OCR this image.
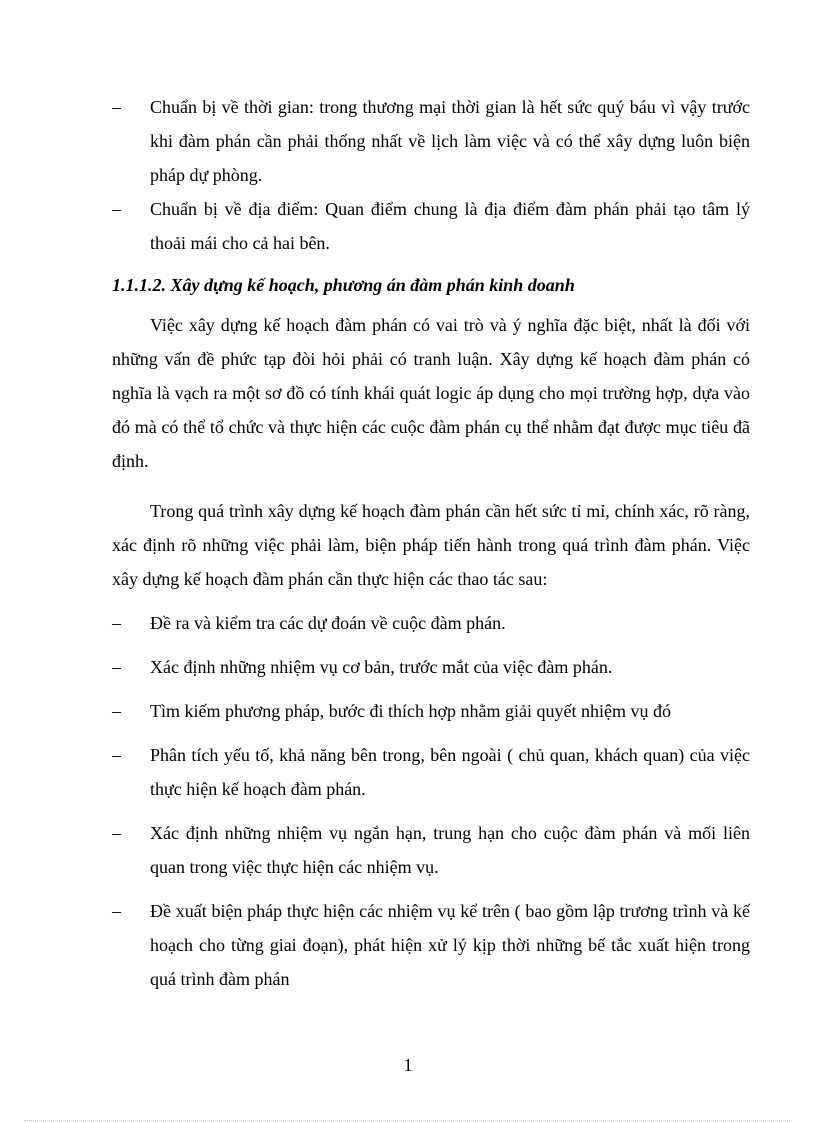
–	Chuẩn bị về thời gian: trong thương mại thời gian là hết sức quý báu vì vậy trước khi đàm phán cần phải thống nhất về lịch làm việc và có thể xây dựng luôn biện pháp dự phòng.
–	Chuẩn bị về địa điểm: Quan điểm chung là địa điểm đàm phán phải tạo tâm lý thoải mái cho cả hai bên.
1.1.1.2. Xây dựng kế hoạch, phương án đàm phán kinh doanh
Việc xây dựng kế hoạch đàm phán có vai trò và ý nghĩa đặc biệt, nhất là đối với những vấn đề phức tạp đòi hỏi phải có tranh luận. Xây dựng kế hoạch đàm phán có nghĩa là vạch ra một sơ đồ có tính khái quát logic áp dụng cho mọi trường hợp, dựa vào đó mà có thể tổ chức và thực hiện các cuộc đàm phán cụ thể nhằm đạt được mục tiêu đã định.
Trong quá trình xây dựng kế hoạch đàm phán cần hết sức tỉ mỉ, chính xác, rõ ràng, xác định rõ những việc phải làm, biện pháp tiến hành trong quá trình đàm phán. Việc xây dựng kế hoạch đàm phán cần thực hiện các thao tác sau:
–	Đề ra và kiểm tra các dự đoán về cuộc đàm phán.
–	Xác định những nhiệm vụ cơ bản, trước mắt của việc đàm phán.
–	Tìm kiếm phương pháp, bước đi thích hợp nhằm giải quyết nhiệm vụ đó
–	Phân tích yếu tố, khả năng bên trong, bên ngoài ( chủ quan, khách quan) của việc thực hiện kế hoạch đàm phán.
–	Xác định những nhiệm vụ ngắn hạn, trung hạn cho cuộc đàm phán và mối liên quan trong việc thực hiện các nhiệm vụ.
–	Đề xuất biện pháp thực hiện các nhiệm vụ kể trên ( bao gồm lập trương trình và kế hoạch cho từng giai đoạn), phát hiện xử lý kịp thời những bế tắc xuất hiện trong quá trình đàm phán
1
